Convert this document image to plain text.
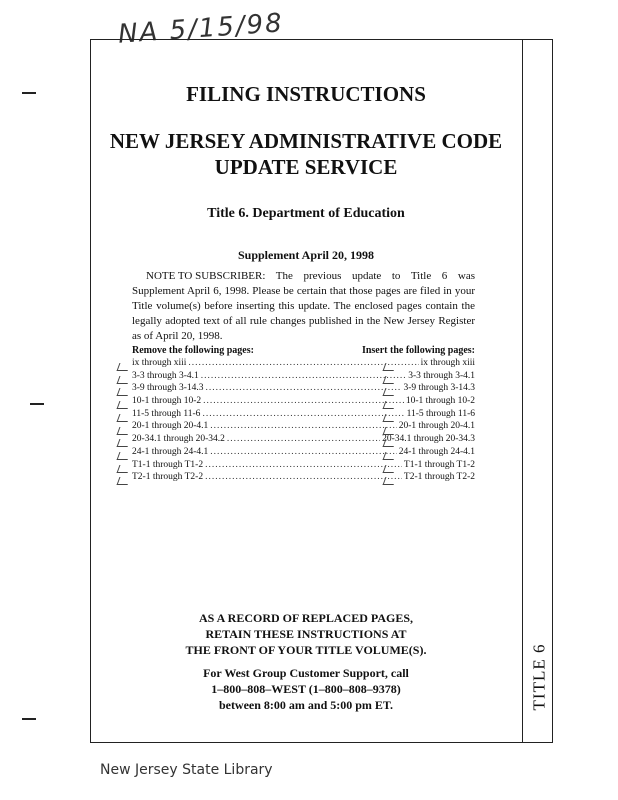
NA 5/15/98
TITLE 6
FILING INSTRUCTIONS
NEW JERSEY ADMINISTRATIVE CODE
UPDATE SERVICE
Title 6. Department of Education
Supplement April 20, 1998
NOTE TO SUBSCRIBER: The previous update to Title 6 was Supplement April 6, 1998. Please be certain that those pages are filed in your Title volume(s) before inserting this update. The enclosed pages contain the legally adopted text of all rule changes published in the New Jersey Register as of April 20, 1998.
Remove the following pages:	Insert the following pages:
ix through xiii .....	ix through xiii
3-3 through 3-4.1 .....	3-3 through 3-4.1
3-9 through 3-14.3 .....	3-9 through 3-14.3
10-1 through 10-2 .....	10-1 through 10-2
11-5 through 11-6 .....	11-5 through 11-6
20-1 through 20-4.1 .....	20-1 through 20-4.1
20-34.1 through 20-34.2 .....	20-34.1 through 20-34.3
24-1 through 24-4.1 .....	24-1 through 24-4.1
T1-1 through T1-2 .....	T1-1 through T1-2
T2-1 through T2-2 .....	T2-1 through T2-2
AS A RECORD OF REPLACED PAGES,
RETAIN THESE INSTRUCTIONS AT
THE FRONT OF YOUR TITLE VOLUME(S).
For West Group Customer Support, call
1–800–808–WEST (1–800–808–9378)
between 8:00 am and 5:00 pm ET.
New Jersey State Library
